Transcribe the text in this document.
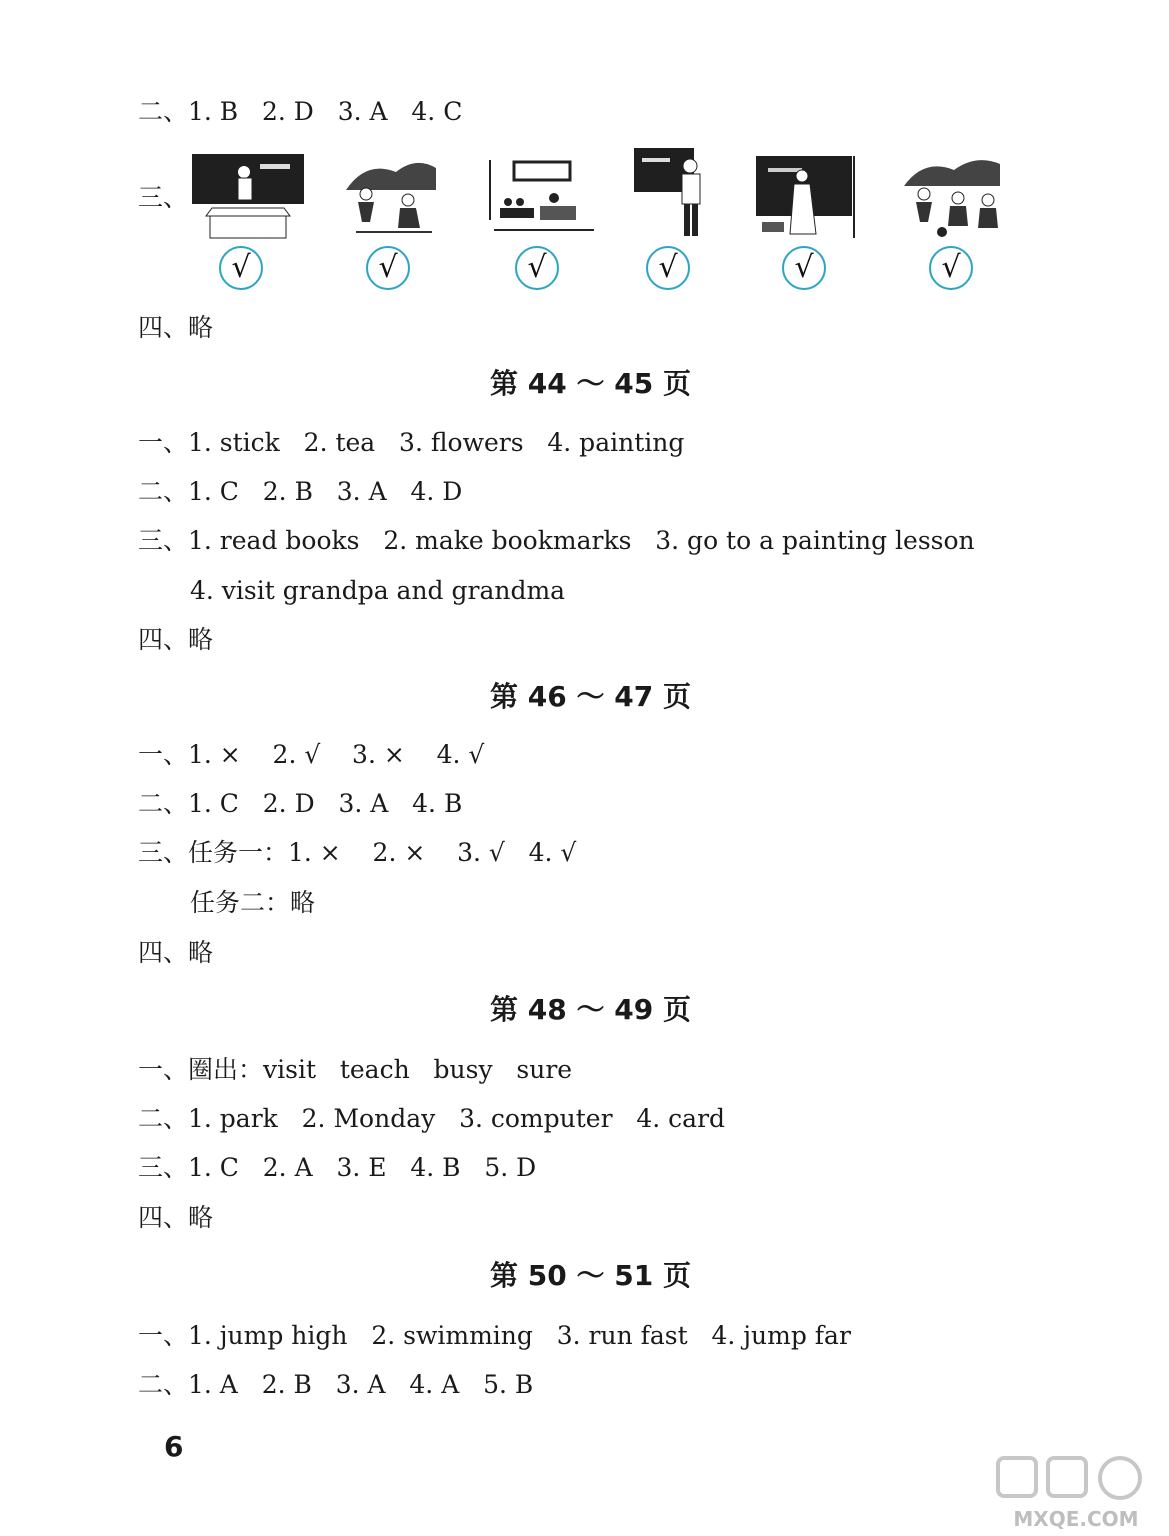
二、1. B   2. D   3. A   4. C
三、
√	√	√	√	√	√
四、略
第 44 ～ 45 页
一、1. stick   2. tea   3. flowers   4. painting
二、1. C   2. B   3. A   4. D
三、1. read books   2. make bookmarks   3. go to a painting lesson
4. visit grandpa and grandma
四、略
第 46 ～ 47 页
一、1. ×    2. √    3. ×    4. √
二、1. C   2. D   3. A   4. B
三、任务一：1. ×    2. ×    3. √   4. √
任务二：略
四、略
第 48 ～ 49 页
一、圈出：visit   teach   busy   sure
二、1. park   2. Monday   3. computer   4. card
三、1. C   2. A   3. E   4. B   5. D
四、略
第 50 ～ 51 页
一、1. jump high   2. swimming   3. run fast   4. jump far
二、1. A   2. B   3. A   4. A   5. B
6
MXQE.COM
